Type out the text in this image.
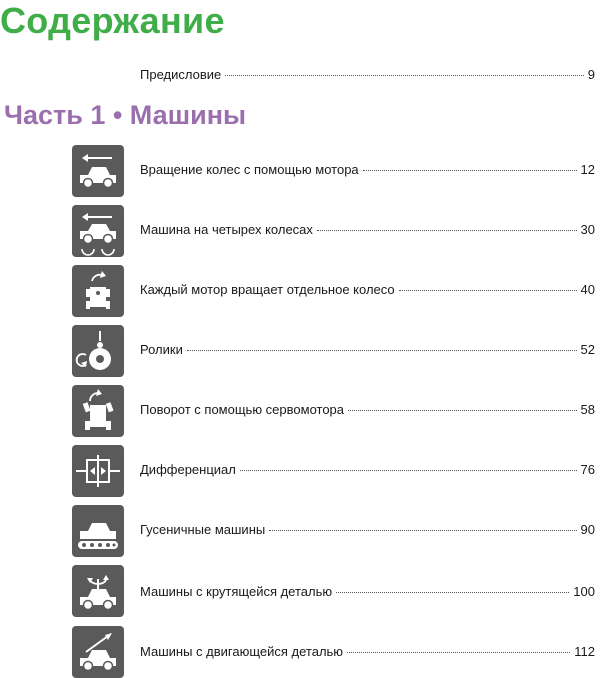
Содержание
Предисловие	9
Часть 1 • Машины
Вращение колес с помощью мотора	12
Машина на четырех колесах	30
Каждый мотор вращает отдельное колесо	40
Ролики	52
Поворот с помощью сервомотора	58
Дифференциал	76
Гусеничные машины	90
Машины с крутящейся деталью	100
Машины с двигающейся деталью	112
